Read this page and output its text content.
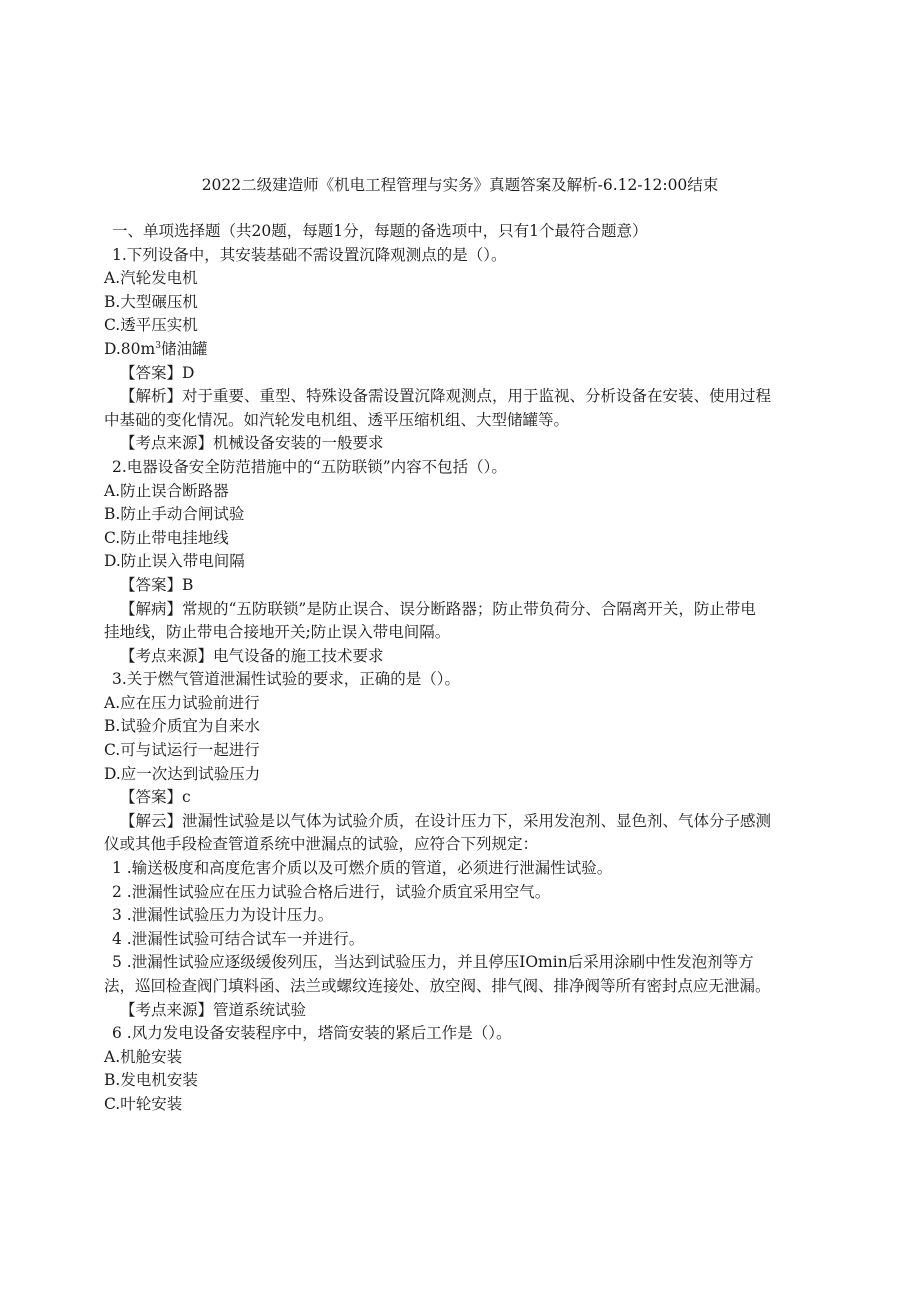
2022二级建造师《机电工程管理与实务》真题答案及解析-6.12-12:00结束
一、单项选择题（共20题，每题1分，每题的备选项中，只有1个最符合题意）
1.下列设备中，其安装基础不需设置沉降观测点的是（）。
A.汽轮发电机
B.大型碾压机
C.透平压实机
$D.80m^3$储油罐
【答案】D
【解析】对于重要、重型、特殊设备需设置沉降观测点，用于监视、分析设备在安装、使用过程
中基础的变化情况。如汽轮发电机组、透平压缩机组、大型储罐等。
【考点来源】机械设备安装的一般要求
2.电器设备安全防范措施中的“五防联锁”内容不包括（）。
A.防止误合断路器
B.防止手动合闸试验
C.防止带电挂地线
D.防止误入带电间隔
【答案】B
【解病】常规的“五防联锁”是防止误合、误分断路器；防止带负荷分、合隔离开关，防止带电
挂地线，防止带电合接地开关;防止误入带电间隔。
【考点来源】电气设备的施工技术要求
3.关于燃气管道泄漏性试验的要求，正确的是（）。
A.应在压力试验前进行
B.试验介质宜为自来水
C.可与试运行一起进行
D.应一次达到试验压力
【答案】c
【解云】泄漏性试验是以气体为试验介质，在设计压力下，采用发泡剂、显色剂、气体分子感测
仪或其他手段检查管道系统中泄漏点的试验，应符合下列规定：
1 .输送极度和高度危害介质以及可燃介质的管道，必须进行泄漏性试验。
2 .泄漏性试验应在压力试验合格后进行，试验介质宜采用空气。
3 .泄漏性试验压力为设计压力。
4 .泄漏性试验可结合试车一并进行。
5 .泄漏性试验应逐级缓俊列压，当达到试验压力，并且停压IOmin后采用涂刷中性发泡剂等方
法，巡回检查阀门填料函、法兰或螺纹连接处、放空阀、排气阀、排净阀等所有密封点应无泄漏。
【考点来源】管道系统试验
6 .风力发电设备安装程序中，塔筒安装的紧后工作是（）。
A.机舱安装
B.发电机安装
C.叶轮安装
